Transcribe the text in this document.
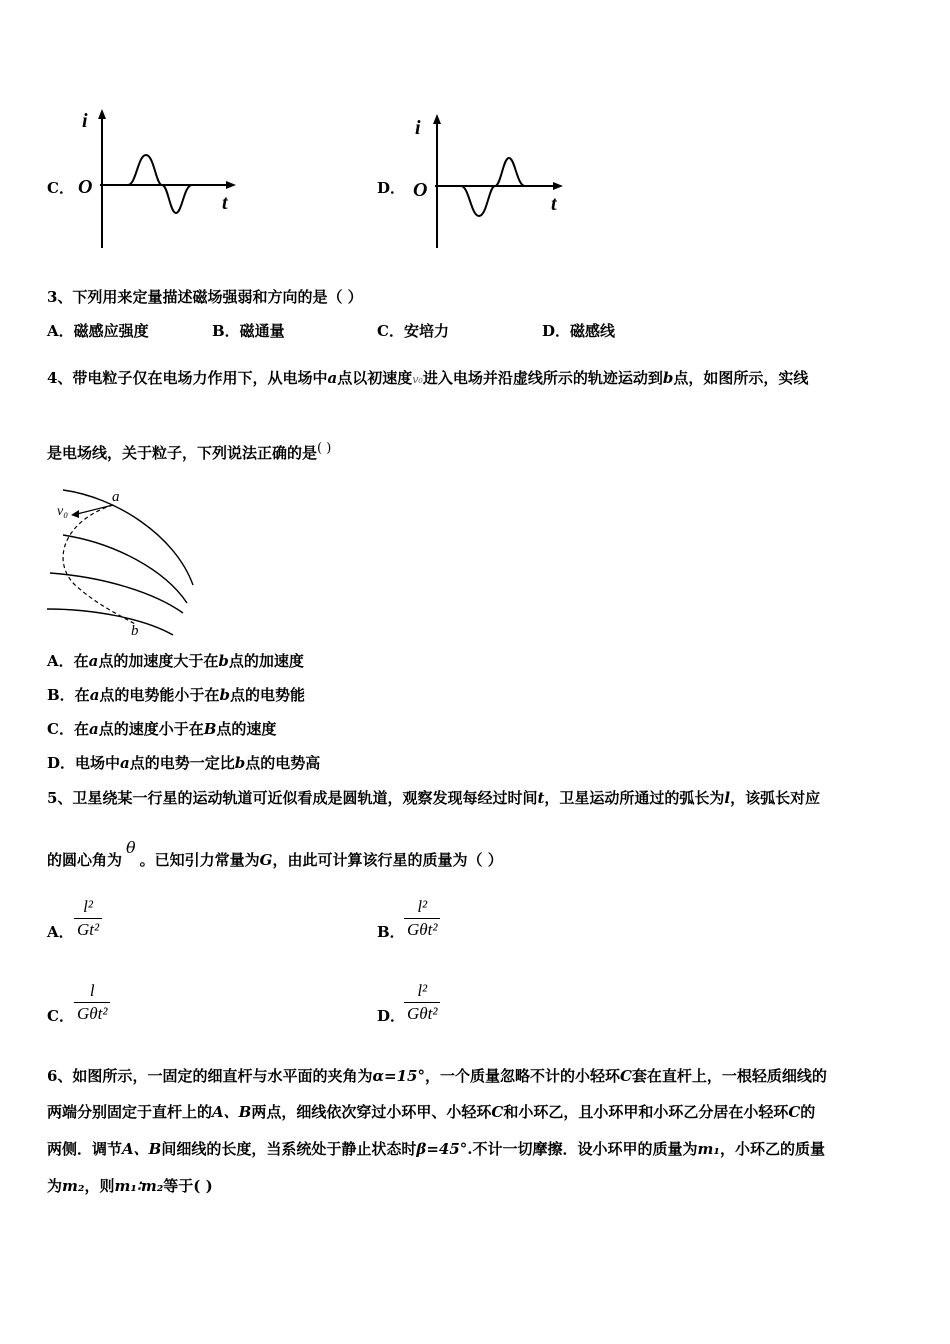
C．
i
t
O	D．
i
t
O
3、下列用来定量描述磁场强弱和方向的是（ ）
A．磁感应强度	B．磁通量	C．安培力	D．磁感线
4、带电粒子仅在电场力作用下，从电场中a点以初速度v₀进入电场并沿虚线所示的轨迹运动到b点，如图所示，实线
是电场线，关于粒子，下列说法正确的是( )
a
v₀
b
A．在a点的加速度大于在b点的加速度
B．在a点的电势能小于在b点的电势能
C．在a点的速度小于在B点的速度
D．电场中a点的电势一定比b点的电势高
5、卫星绕某一行星的运动轨道可近似看成是圆轨道，观察发现每经过时间t，卫星运动所通过的弧长为l，该弧长对应
的圆心角为θ。已知引力常量为G，由此可计算该行星的质量为（ ）
A．
l²
Gt²	B．
l²
Gθt²
C．
l
Gθt²	D．
l²
Gθt²
6、如图所示，一固定的细直杆与水平面的夹角为α=15°，一个质量忽略不计的小轻环C套在直杆上，一根轻质细线的
两端分别固定于直杆上的A、B两点，细线依次穿过小环甲、小轻环C和小环乙，且小环甲和小环乙分居在小轻环C的
两侧．调节A、B间细线的长度，当系统处于静止状态时β=45°.不计一切摩擦．设小环甲的质量为m₁，小环乙的质量
为m₂，则m₁∶m₂等于( )
